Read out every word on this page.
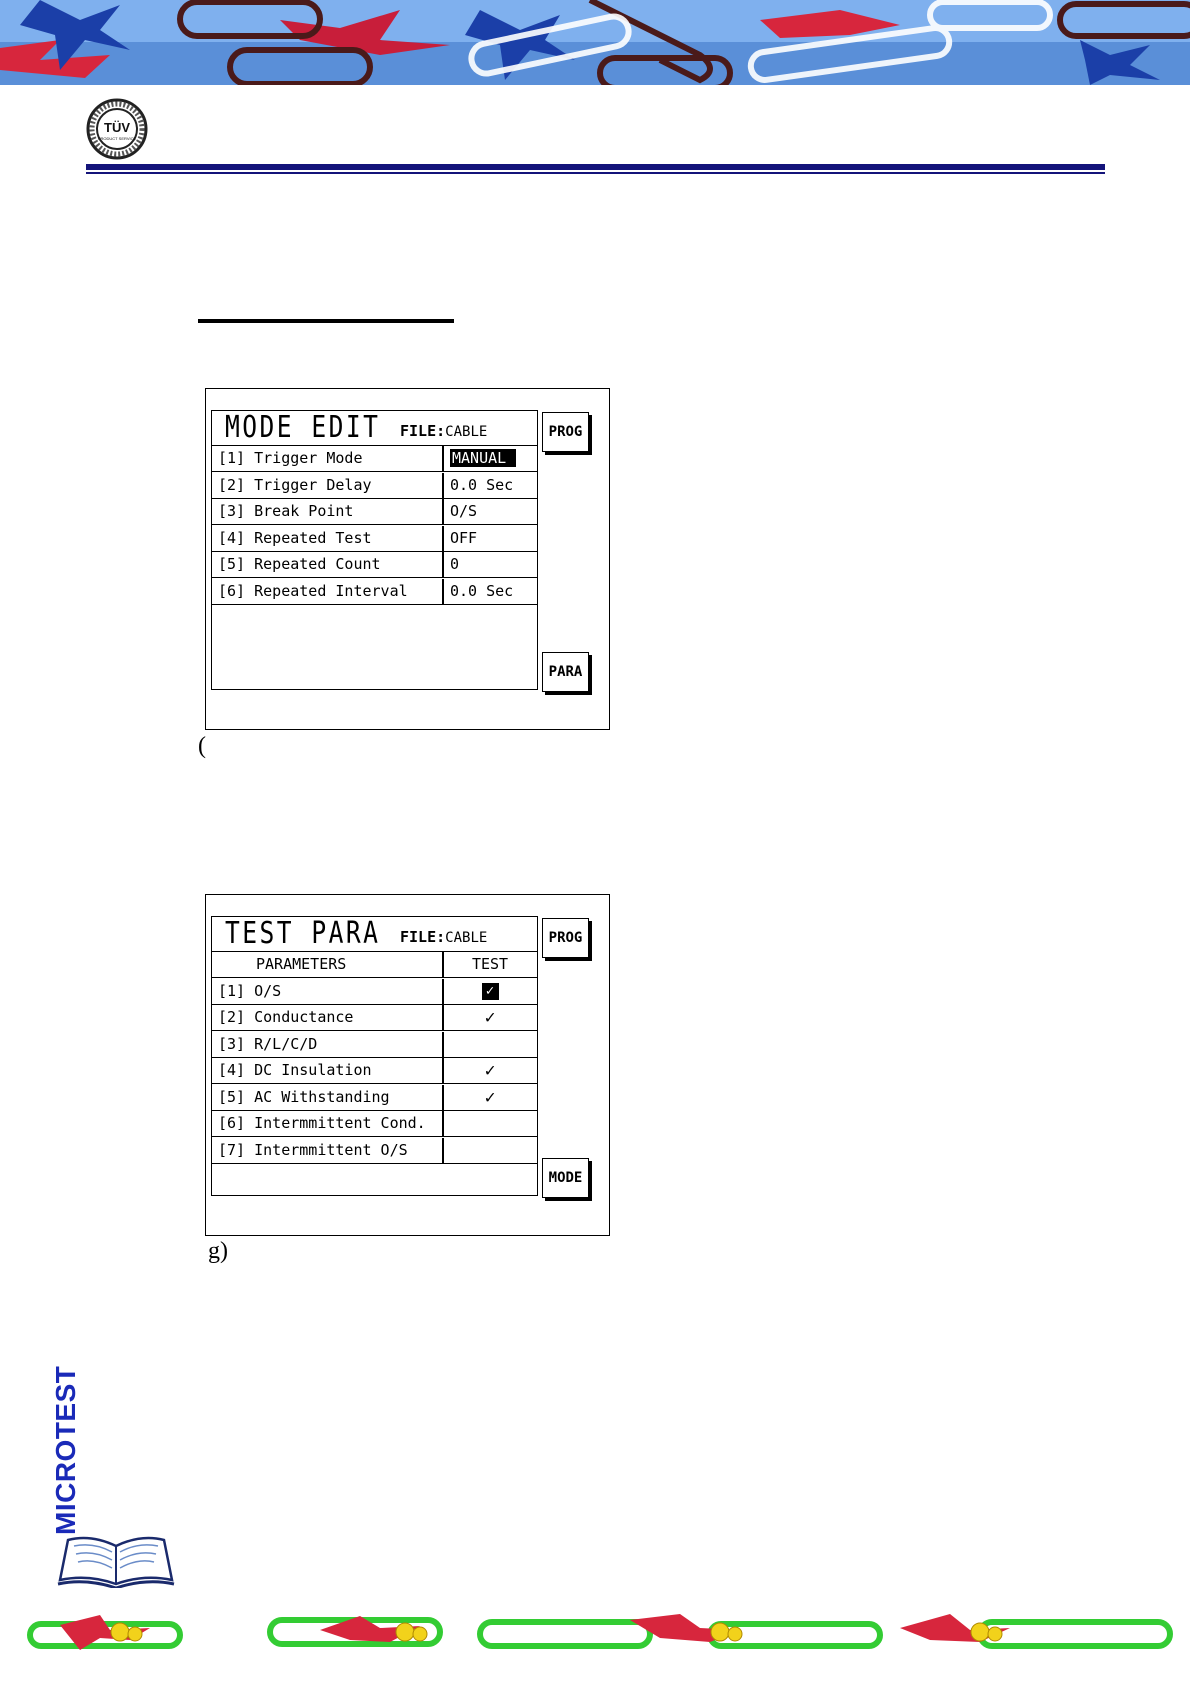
TÜV
PRODUCT SERVICE
MODE EDIT FILE:CABLE
[1] Trigger Mode	MANUAL
[2] Trigger Delay	0.0 Sec
[3] Break Point	O/S
[4] Repeated Test	OFF
[5] Repeated Count	0
[6] Repeated Interval	0.0 Sec
PROG
PARA
(
TEST PARA FILE:CABLE
PARAMETERS	TEST
[1] O/S	✓
[2] Conductance	✓
[3] R/L/C/D
[4] DC Insulation	✓
[5] AC Withstanding	✓
[6] Intermmittent Cond.
[7] Intermmittent O/S
PROG
MODE
g)
MICROTEST
